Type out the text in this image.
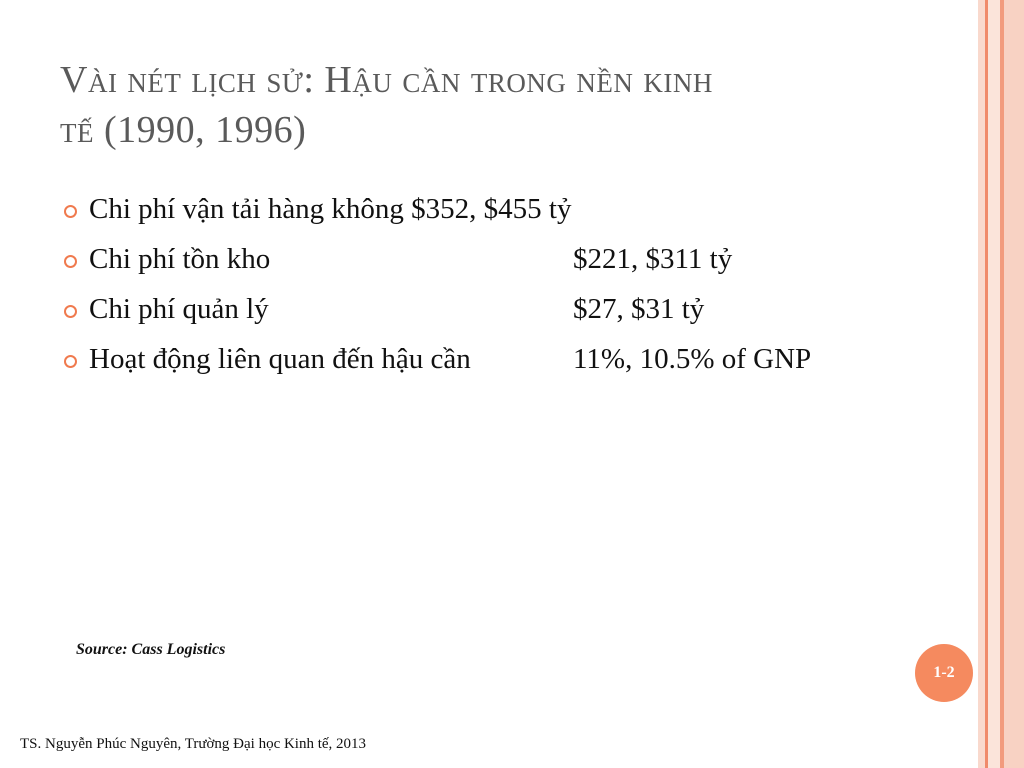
Vài nét lịch sử: Hậu cần trong nền kinh
tế (1990, 1996)
Chi phí vận tải hàng không $352, $455 tỷ
Chi phí tồn kho	$221, $311 tỷ
Chi phí quản lý	$27, $31 tỷ
Hoạt động liên quan đến hậu cần	11%, 10.5% of GNP
Source: Cass Logistics
1-2
TS. Nguyễn Phúc Nguyên, Trường Đại học Kinh tế, 2013
